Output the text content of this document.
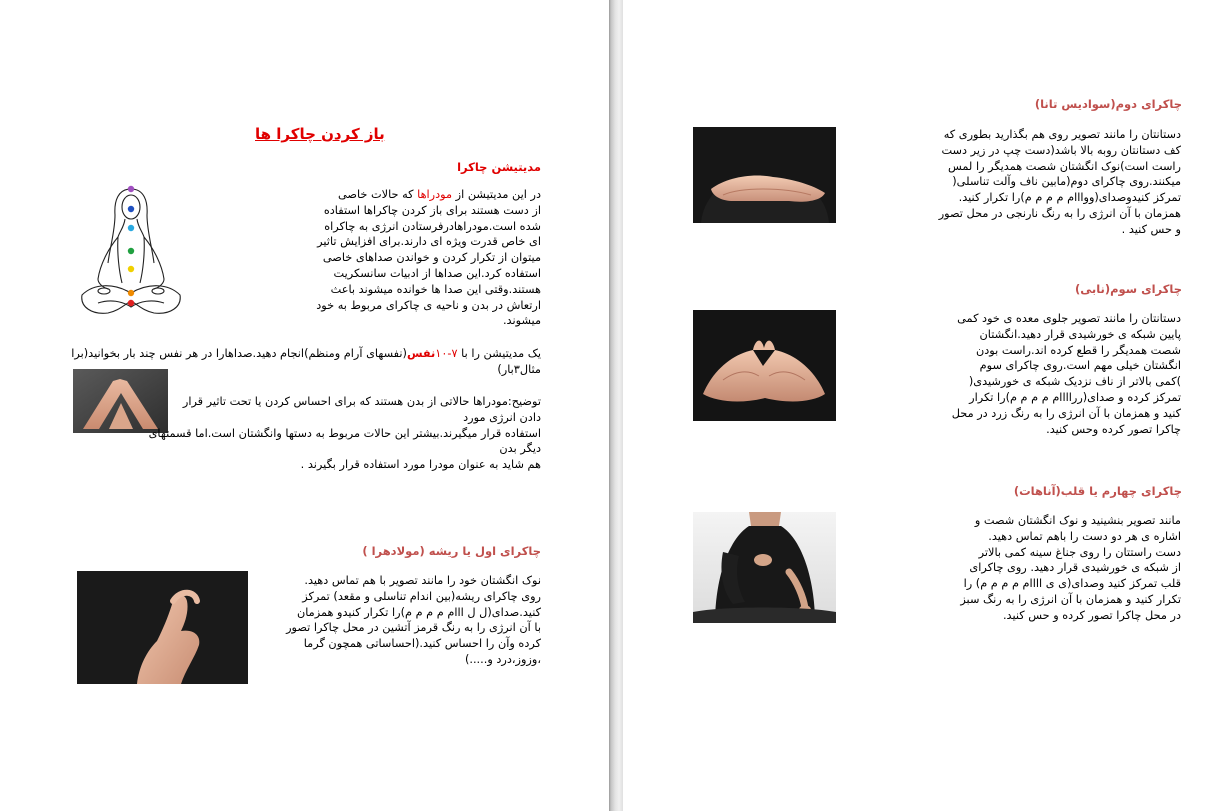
باز کردن چاکرا ها
مدیتیشن چاکرا
در این مدیتیشن از مودراها که حالات خاصی
از دست هستند برای باز کردن چاکراها استفاده
شده است.مودراهادرفرستادن انرژی به چاکراه
ای خاص قدرت ویژه ای دارند.برای افزایش تاثیر
میتوان از تکرار کردن و خواندن صداهای خاصی
استفاده کرد.این صداها از ادبیات سانسکریت
هستند.وقتی این صدا ها خوانده میشوند باعث
ارتعاش در بدن و ناحیه ی چاکرای مربوط به خود
میشوند.
یک مدیتیشن را با ۷-۱۰نفس(نفسهای آرام ومنظم)انجام دهید.صداهارا در هر نفس چند بار بخوانید(برا
مثال۳بار)
توضیح:مودراها حالاتی از بدن هستند که برای احساس کردن یا تحت تاثیر قرار
دادن انرژی مورد
استفاده قرار میگیرند.بیشتر این حالات مربوط به دستها وانگشتان است.اما قسمتهای
دیگر بدن
هم شاید به عنوان مودرا مورد استفاده قرار بگیرند .
چاکرای اول یا ریشه (مولادهرا )
نوک انگشتان خود را مانند تصویر با هم تماس دهید.
روی چاکرای ریشه(بین اندام تناسلی و مقعد) تمرکز
کنید.صدای(ل ل ااام م م م م)را تکرار کنیدو همزمان
با آن انرژی را به رنگ قرمز آتشین در محل چاکرا تصور
کرده وآن را احساس کنید.(احساساتی همچون گرما
،وزوز،درد و.....)
چاکرای دوم(سوادیس تانا)
دستانتان را مانند تصویر روی هم بگذارید بطوری که
کف دستانتان روبه بالا باشد(دست چپ در زیر دست
راست است)نوک انگشتان شصت همدیگر را لمس
میکنند.روی چاکرای دوم(مابین ناف وآلت تناسلی(
تمرکز کنیدوصدای(ووااام م م م م)را تکرار کنید.
همزمان با آن انرژی را به رنگ نارنجی در محل تصور
و حس کنید .
چاکرای سوم(نابی)
دستانتان را مانند تصویر جلوی معده ی خود کمی
پایین شبکه ی خورشیدی قرار دهید.انگشتان
شصت همدیگر را قطع کرده اند.راست بودن
انگشتان خیلی مهم است.روی چاکرای سوم
)کمی بالاتر از ناف نزدیک شبکه ی خورشیدی(
تمرکز کرده و صدای(رراااام م م م م)را تکرار
کنید و همزمان با آن انرژی را به رنگ زرد در محل
چاکرا تصور کرده وحس کنید.
چاکرای چهارم یا قلب(آناهات)
مانند تصویر بنشینید و نوک انگشتان شصت و
اشاره ی هر دو دست را باهم تماس دهید.
دست راستتان را روی جناغ سینه کمی بالاتر
از شبکه ی خورشیدی قرار دهید. روی چاکرای
قلب تمرکز کنید وصدای(ی ی اااام م م م م) را
تکرار کنید و همزمان با آن انرژی را به رنگ سبز
در محل چاکرا تصور کرده و حس کنید.
